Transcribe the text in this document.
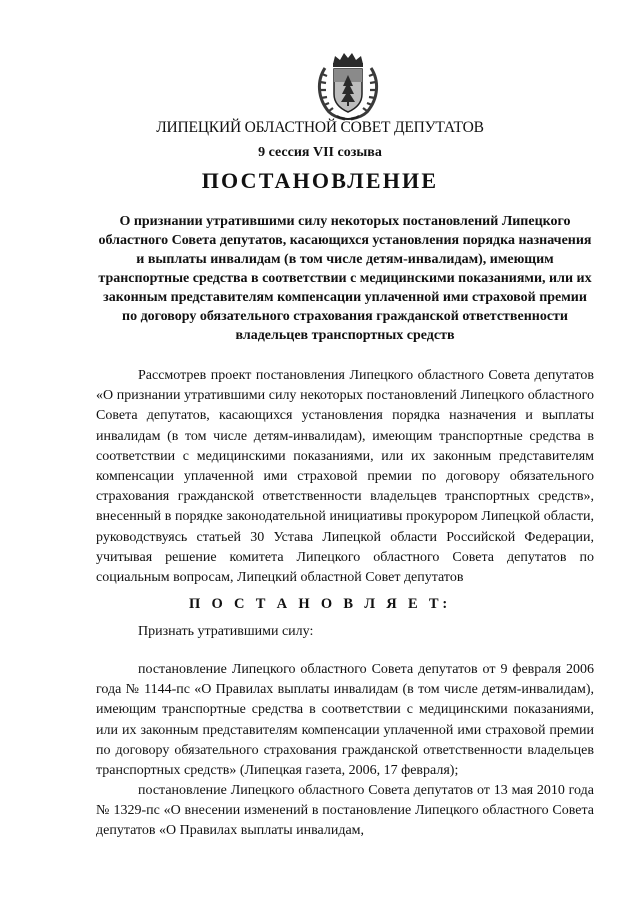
ЛИПЕЦКИЙ ОБЛАСТНОЙ СОВЕТ ДЕПУТАТОВ
9 сессия VII созыва
ПОСТАНОВЛЕНИЕ
О признании утратившими силу некоторых постановлений Липецкого областного Совета депутатов, касающихся установления порядка назначения и выплаты инвалидам (в том числе детям-инвалидам), имеющим транспортные средства в соответствии с медицинскими показаниями, или их законным представителям компенсации уплаченной ими страховой премии по договору обязательного страхования гражданской ответственности владельцев транспортных средств

Рассмотрев проект постановления Липецкого областного Совета депутатов «О признании утратившими силу некоторых постановлений Липецкого областного Совета депутатов, касающихся установления порядка назначения и выплаты инвалидам (в том числе детям-инвалидам), имеющим транспортные средства в соответствии с медицинскими показаниями, или их законным представителям компенсации уплаченной ими страховой премии по договору обязательного страхования гражданской ответственности владельцев транспортных средств», внесенный в порядке законодательной инициативы прокурором Липецкой области, руководствуясь статьей 30 Устава Липецкой области Российской Федерации, учитывая решение комитета Липецкого областного Совета депутатов по социальным вопросам, Липецкий областной Совет депутатов

П О С Т А Н О В Л Я Е Т:
Признать утратившими силу:

постановление Липецкого областного Совета депутатов от 9 февраля 2006 года № 1144-пс «О Правилах выплаты инвалидам (в том числе детям-инвалидам), имеющим транспортные средства в соответствии с медицинскими показаниями, или их законным представителям компенсации уплаченной ими страховой премии по договору обязательного страхования гражданской ответственности владельцев транспортных средств» (Липецкая газета, 2006, 17 февраля);

постановление Липецкого областного Совета депутатов от 13 мая 2010 года № 1329-пс «О внесении изменений в постановление Липецкого областного Совета депутатов «О Правилах выплаты инвалидам,
